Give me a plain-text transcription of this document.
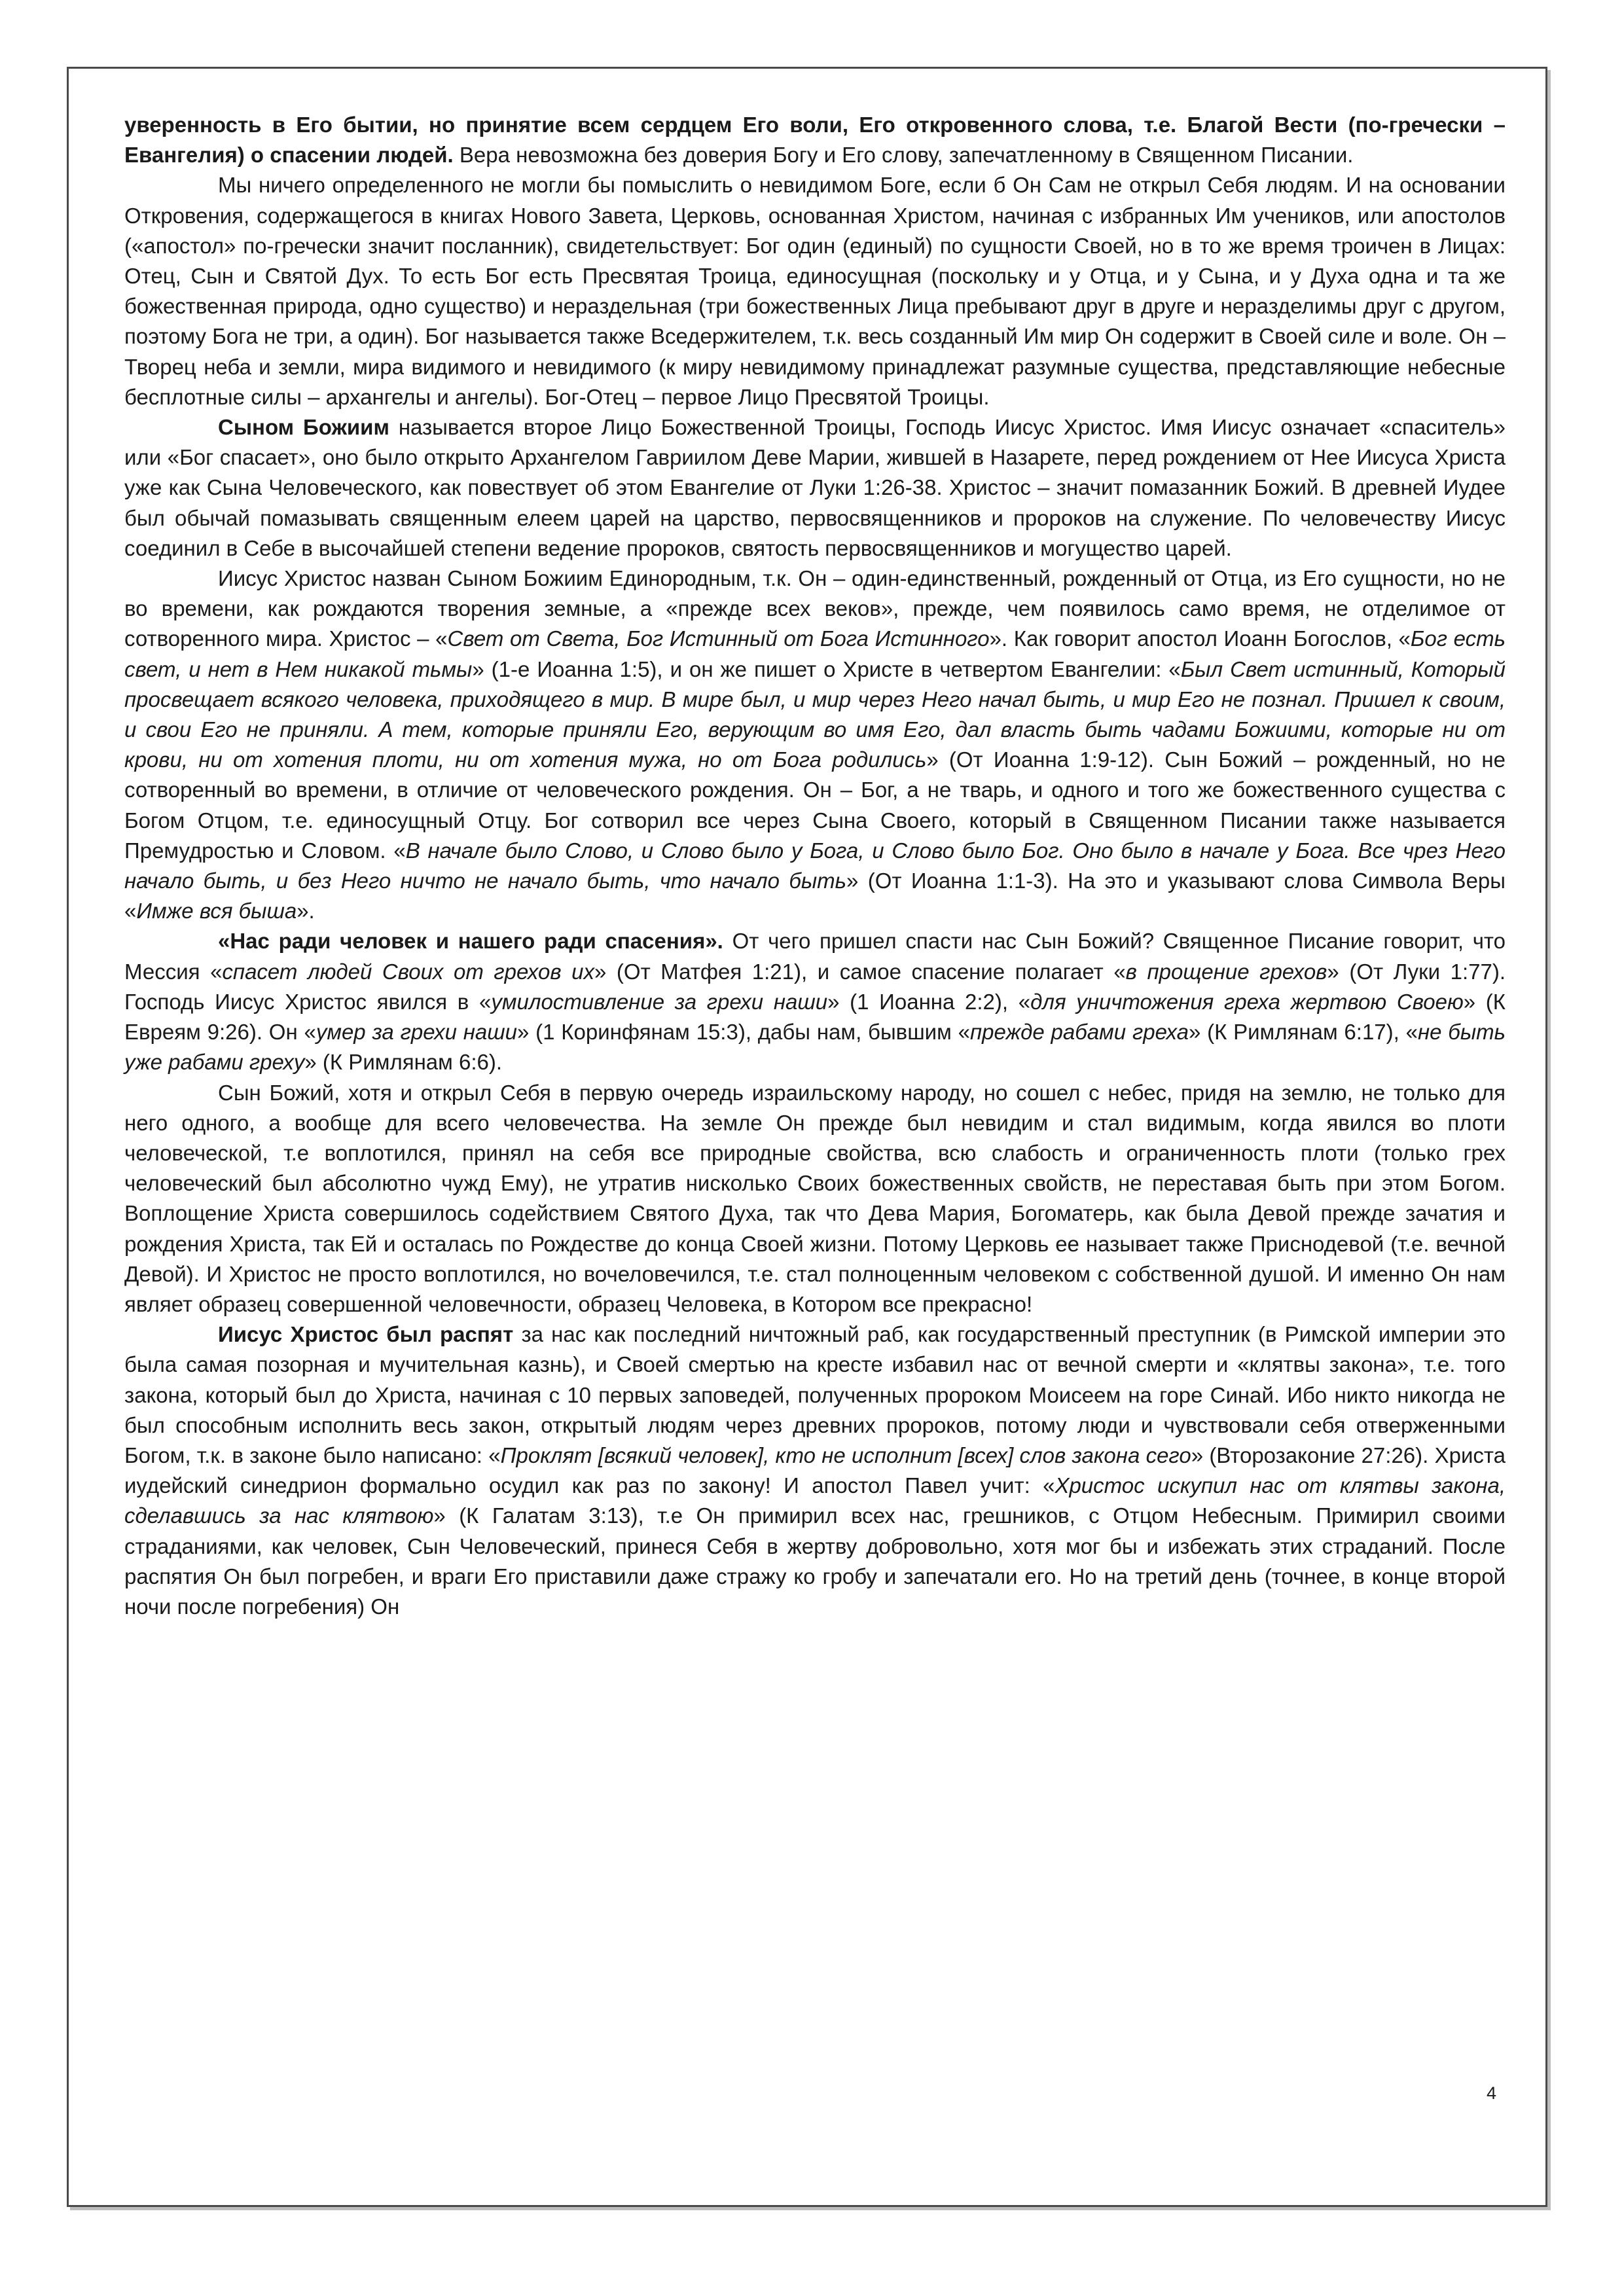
уверенность в Его бытии, но принятие всем сердцем Его воли, Его откровенного слова, т.е. Благой Вести (по-гречески – Евангелия) о спасении людей. Вера невозможна без доверия Богу и Его слову, запечатленному в Священном Писании.

Мы ничего определенного не могли бы помыслить о невидимом Боге, если б Он Сам не открыл Себя людям. И на основании Откровения, содержащегося в книгах Нового Завета, Церковь, основанная Христом, начиная с избранных Им учеников, или апостолов («апостол» по-гречески значит посланник), свидетельствует: Бог один (единый) по сущности Своей, но в то же время троичен в Лицах: Отец, Сын и Святой Дух. То есть Бог есть Пресвятая Троица, единосущная (поскольку и у Отца, и у Сына, и у Духа одна и та же божественная природа, одно существо) и нераздельная (три божественных Лица пребывают друг в друге и неразделимы друг с другом, поэтому Бога не три, а один). Бог называется также Вседержителем, т.к. весь созданный Им мир Он содержит в Своей силе и воле. Он – Творец неба и земли, мира видимого и невидимого (к миру невидимому принадлежат разумные существа, представляющие небесные бесплотные силы – архангелы и ангелы). Бог-Отец – первое Лицо Пресвятой Троицы.

Сыном Божиим называется второе Лицо Божественной Троицы, Господь Иисус Христос. Имя Иисус означает «спаситель» или «Бог спасает», оно было открыто Архангелом Гавриилом Деве Марии, жившей в Назарете, перед рождением от Нее Иисуса Христа уже как Сына Человеческого, как повествует об этом Евангелие от Луки 1:26-38. Христос – значит помазанник Божий. В древней Иудее был обычай помазывать священным елеем царей на царство, первосвященников и пророков на служение. По человечеству Иисус соединил в Себе в высочайшей степени ведение пророков, святость первосвященников и могущество царей.

Иисус Христос назван Сыном Божиим Единородным, т.к. Он – один-единственный, рожденный от Отца, из Его сущности, но не во времени, как рождаются творения земные, а «прежде всех веков», прежде, чем появилось само время, не отделимое от сотворенного мира. Христос – «Свет от Света, Бог Истинный от Бога Истинного». Как говорит апостол Иоанн Богослов, «Бог есть свет, и нет в Нем никакой тьмы» (1-е Иоанна 1:5), и он же пишет о Христе в четвертом Евангелии: «Был Свет истинный, Который просвещает всякого человека, приходящего в мир. В мире был, и мир через Него начал быть, и мир Его не познал. Пришел к своим, и свои Его не приняли. А тем, которые приняли Его, верующим во имя Его, дал власть быть чадами Божиими, которые ни от крови, ни от хотения плоти, ни от хотения мужа, но от Бога родились» (От Иоанна 1:9-12). Сын Божий – рожденный, но не сотворенный во времени, в отличие от человеческого рождения. Он – Бог, а не тварь, и одного и того же божественного существа с Богом Отцом, т.е. единосущный Отцу. Бог сотворил все через Сына Своего, который в Священном Писании также называется Премудростью и Словом. «В начале было Слово, и Слово было у Бога, и Слово было Бог. Оно было в начале у Бога. Все чрез Него начало быть, и без Него ничто не начало быть, что начало быть» (От Иоанна 1:1-3). На это и указывают слова Символа Веры «Имже вся быша».

«Нас ради человек и нашего ради спасения». От чего пришел спасти нас Сын Божий? Священное Писание говорит, что Мессия «спасет людей Своих от грехов их» (От Матфея 1:21), и самое спасение полагает «в прощение грехов» (От Луки 1:77). Господь Иисус Христос явился в «умилостивление за грехи наши» (1 Иоанна 2:2), «для уничтожения греха жертвою Своею» (К Евреям 9:26). Он «умер за грехи наши» (1 Коринфянам 15:3), дабы нам, бывшим «прежде рабами греха» (К Римлянам 6:17), «не быть уже рабами греху» (К Римлянам 6:6).

Сын Божий, хотя и открыл Себя в первую очередь израильскому народу, но сошел с небес, придя на землю, не только для него одного, а вообще для всего человечества. На земле Он прежде был невидим и стал видимым, когда явился во плоти человеческой, т.е воплотился, принял на себя все природные свойства, всю слабость и ограниченность плоти (только грех человеческий был абсолютно чужд Ему), не утратив нисколько Своих божественных свойств, не переставая быть при этом Богом. Воплощение Христа совершилось содействием Святого Духа, так что Дева Мария, Богоматерь, как была Девой прежде зачатия и рождения Христа, так Ей и осталась по Рождестве до конца Своей жизни. Потому Церковь ее называет также Приснодевой (т.е. вечной Девой). И Христос не просто воплотился, но вочеловечился, т.е. стал полноценным человеком с собственной душой. И именно Он нам являет образец совершенной человечности, образец Человека, в Котором все прекрасно!

Иисус Христос был распят за нас как последний ничтожный раб, как государственный преступник (в Римской империи это была самая позорная и мучительная казнь), и Своей смертью на кресте избавил нас от вечной смерти и «клятвы закона», т.е. того закона, который был до Христа, начиная с 10 первых заповедей, полученных пророком Моисеем на горе Синай. Ибо никто никогда не был способным исполнить весь закон, открытый людям через древних пророков, потому люди и чувствовали себя отверженными Богом, т.к. в законе было написано: «Проклят [всякий человек], кто не исполнит [всех] слов закона сего» (Второзаконие 27:26). Христа иудейский синедрион формально осудил как раз по закону! И апостол Павел учит: «Христос искупил нас от клятвы закона, сделавшись за нас клятвою» (К Галатам 3:13), т.е Он примирил всех нас, грешников, с Отцом Небесным. Примирил своими страданиями, как человек, Сын Человеческий, принеся Себя в жертву добровольно, хотя мог бы и избежать этих страданий. После распятия Он был погребен, и враги Его приставили даже стражу ко гробу и запечатали его. Но на третий день (точнее, в конце второй ночи после погребения) Он

4
